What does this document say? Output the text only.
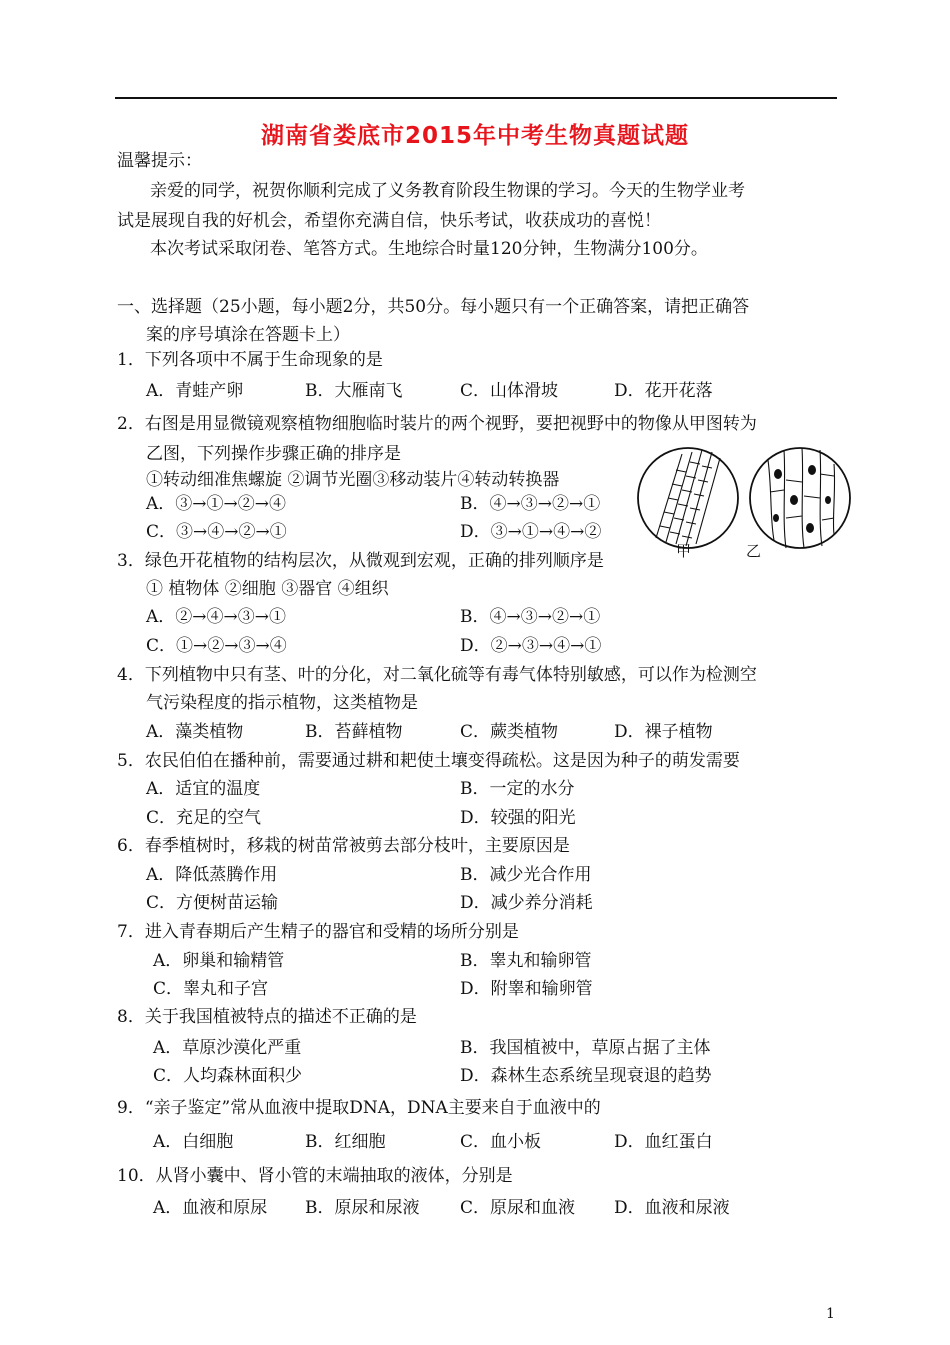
湖南省娄底市2015年中考生物真题试题
温馨提示：
亲爱的同学，祝贺你顺利完成了义务教育阶段生物课的学习。今天的生物学业考
试是展现自我的好机会，希望你充满自信，快乐考试，收获成功的喜悦！
本次考试采取闭卷、笔答方式。生地综合时量120分钟，生物满分100分。
一、选择题（25小题，每小题2分，共50分。每小题只有一个正确答案，请把正确答
案的序号填涂在答题卡上）
1．下列各项中不属于生命现象的是
A．青蛙产卵	B．大雁南飞	C．山体滑坡	D．花开花落
2．右图是用显微镜观察植物细胞临时装片的两个视野，要把视野中的物像从甲图转为
乙图，下列操作步骤正确的排序是
①转动细准焦螺旋 ②调节光圈③移动装片④转动转换器
A．③→①→②→④	B．④→③→②→①
C．③→④→②→①	D．③→①→④→②
甲	乙
3．绿色开花植物的结构层次，从微观到宏观，正确的排列顺序是
① 植物体 ②细胞 ③器官 ④组织
A．②→④→③→①	B．④→③→②→①
C．①→②→③→④	D．②→③→④→①
4．下列植物中只有茎、叶的分化，对二氧化硫等有毒气体特别敏感，可以作为检测空
气污染程度的指示植物，这类植物是
A．藻类植物	B．苔藓植物	C．蕨类植物	D．裸子植物
5．农民伯伯在播种前，需要通过耕和耙使土壤变得疏松。这是因为种子的萌发需要
A．适宜的温度	B．一定的水分
C．充足的空气	D．较强的阳光
6．春季植树时，移栽的树苗常被剪去部分枝叶，主要原因是
A．降低蒸腾作用	B．减少光合作用
C．方便树苗运输	D．减少养分消耗
7．进入青春期后产生精子的器官和受精的场所分别是
A．卵巢和输精管	B．睾丸和输卵管
C．睾丸和子宫	D．附睾和输卵管
8．关于我国植被特点的描述不正确的是
A．草原沙漠化严重	B．我国植被中，草原占据了主体
C．人均森林面积少	D．森林生态系统呈现衰退的趋势
9．“亲子鉴定”常从血液中提取DNA，DNA主要来自于血液中的
A．白细胞	B．红细胞	C．血小板	D．血红蛋白
10．从肾小囊中、肾小管的末端抽取的液体，分别是
A．血液和原尿 B．原尿和尿液 C．原尿和血液 D．血液和尿液
1
